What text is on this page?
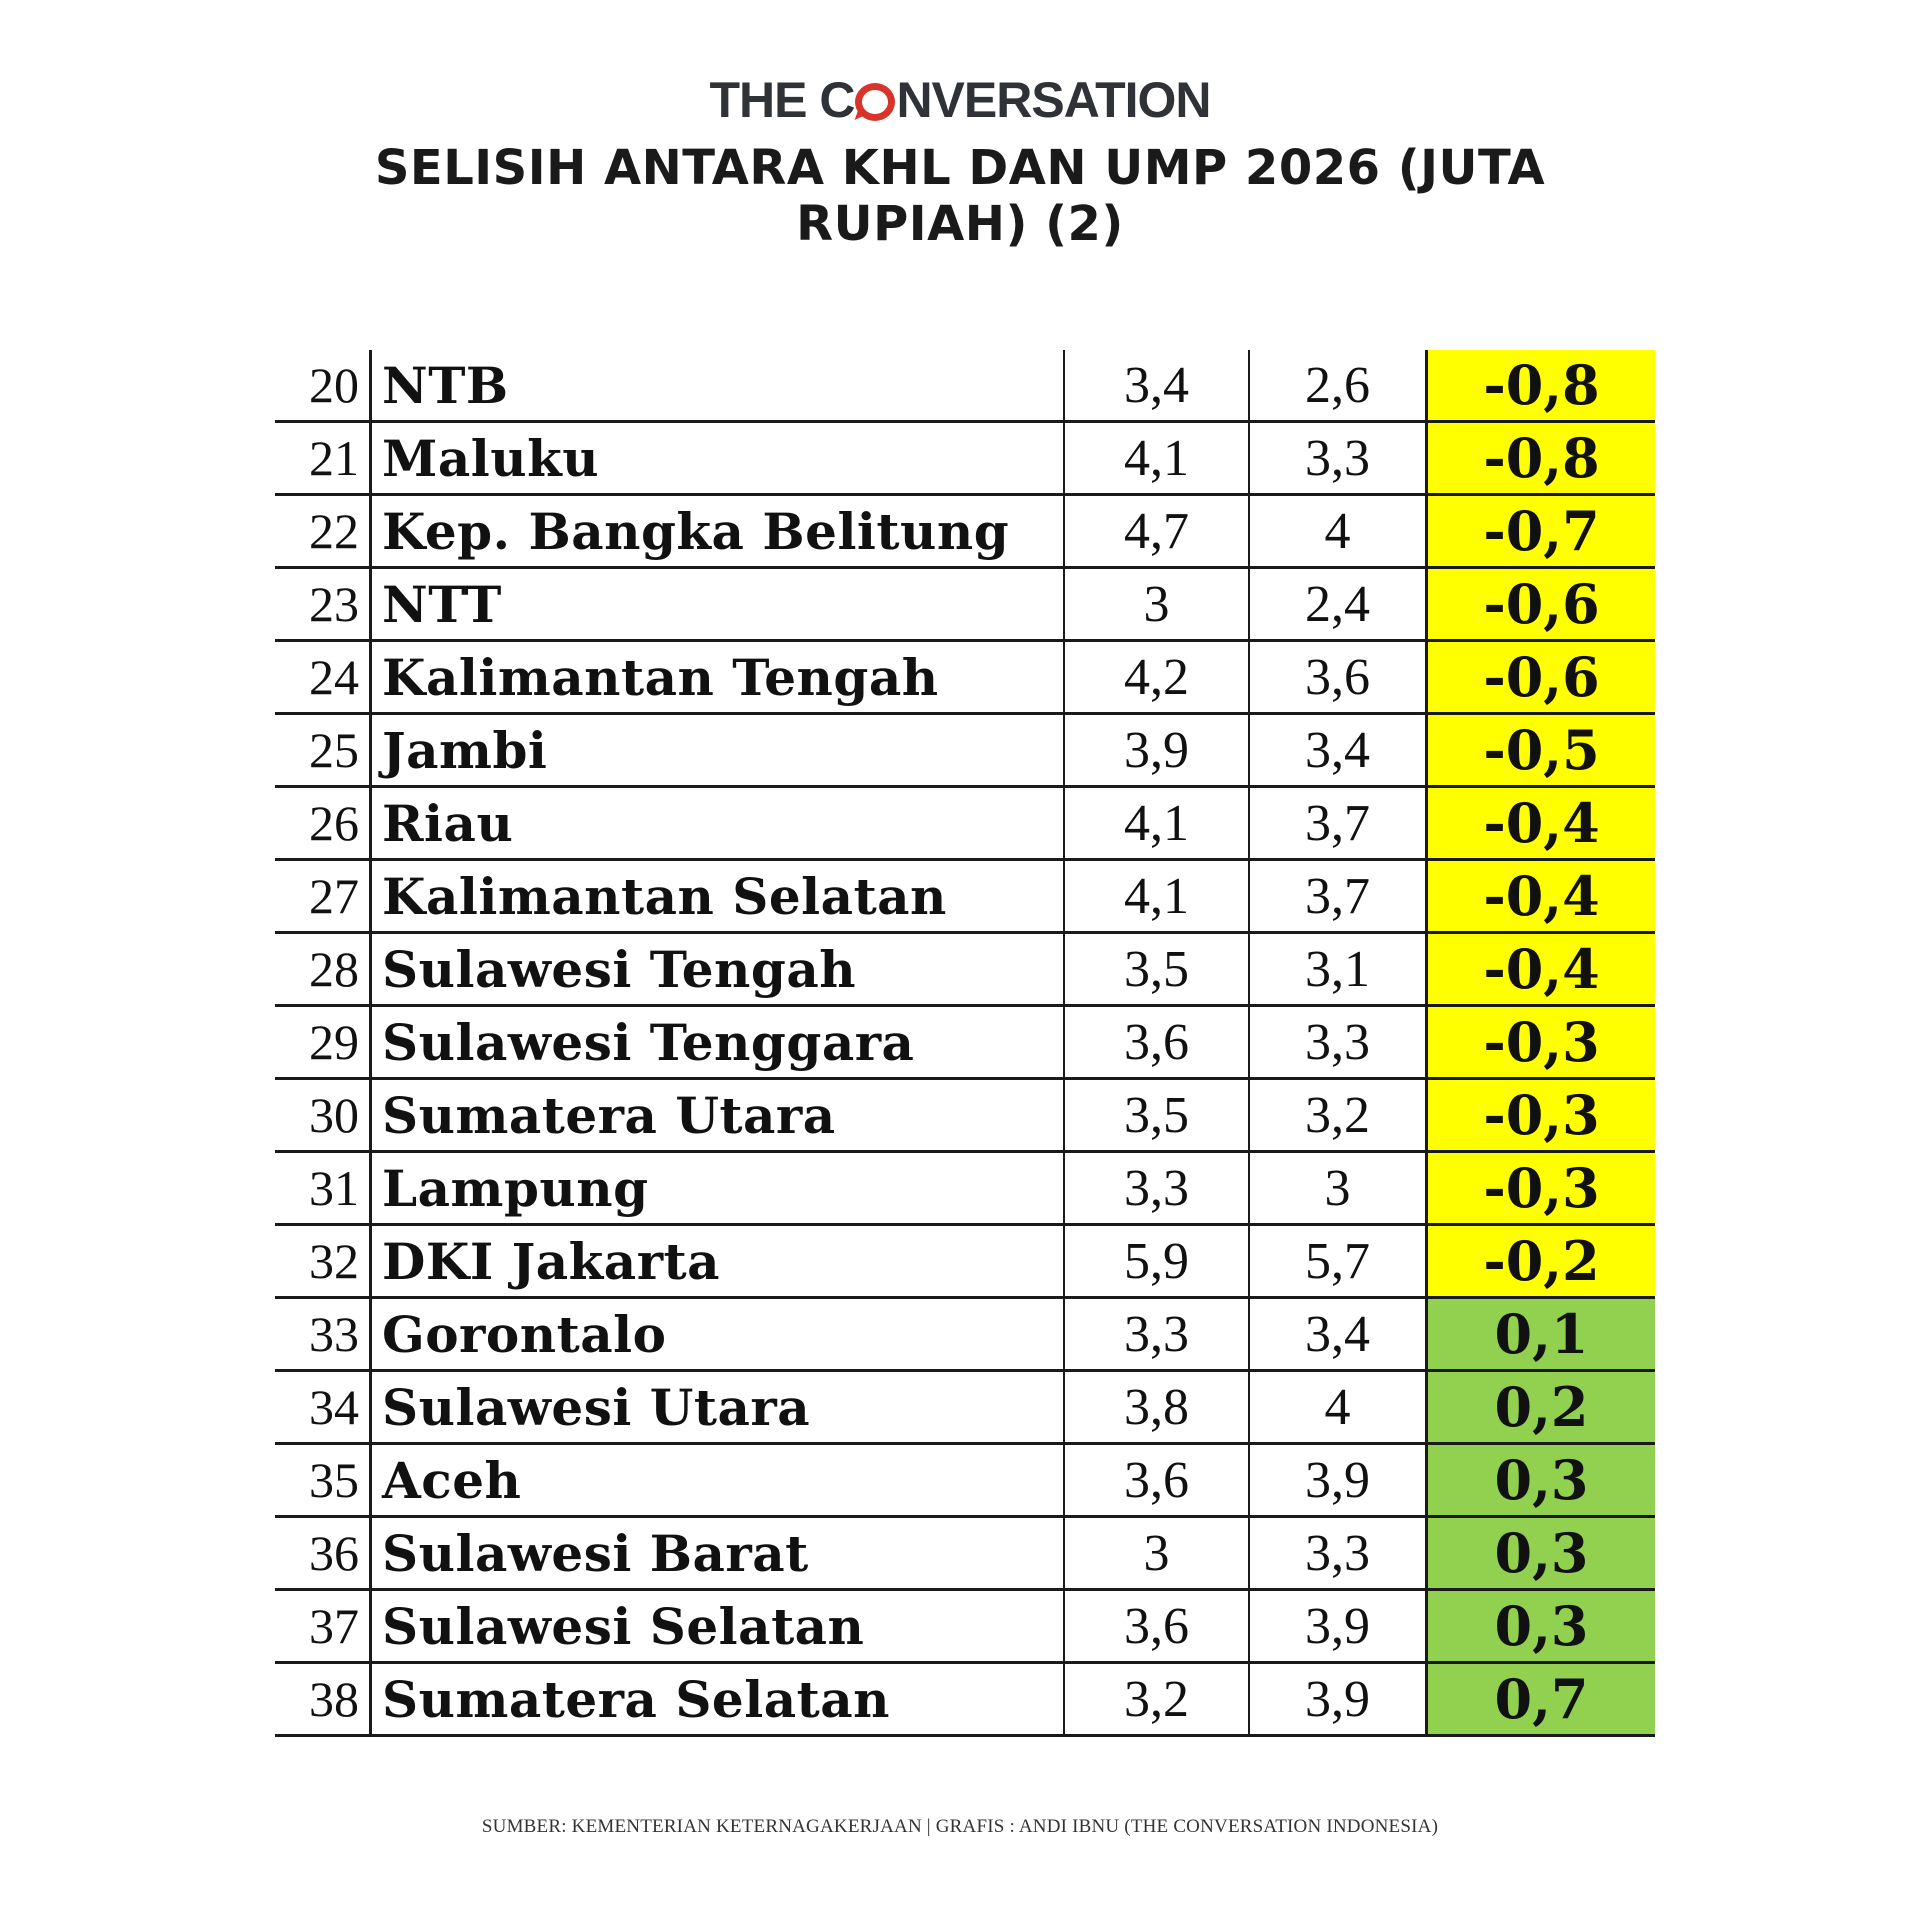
THE C NVERSATION
SELISIH ANTARA KHL DAN UMP 2026 (JUTA RUPIAH) (2)
20 NTB	3,4	2,6	-0,8
21 Maluku	4,1	3,3	-0,8
22 Kep. Bangka Belitung	4,7	4	-0,7
23 NTT	3	2,4	-0,6
24 Kalimantan Tengah	4,2	3,6	-0,6
25 Jambi	3,9	3,4	-0,5
26 Riau	4,1	3,7	-0,4
27 Kalimantan Selatan	4,1	3,7	-0,4
28 Sulawesi Tengah	3,5	3,1	-0,4
29 Sulawesi Tenggara	3,6	3,3	-0,3
30 Sumatera Utara	3,5	3,2	-0,3
31 Lampung	3,3	3	-0,3
32 DKI Jakarta	5,9	5,7	-0,2
33 Gorontalo	3,3	3,4	0,1
34 Sulawesi Utara	3,8	4	0,2
35 Aceh	3,6	3,9	0,3
36 Sulawesi Barat	3	3,3	0,3
37 Sulawesi Selatan	3,6	3,9	0,3
38 Sumatera Selatan	3,2	3,9	0,7
SUMBER: KEMENTERIAN KETERNAGAKERJAAN | GRAFIS : ANDI IBNU (THE CONVERSATION INDONESIA)
